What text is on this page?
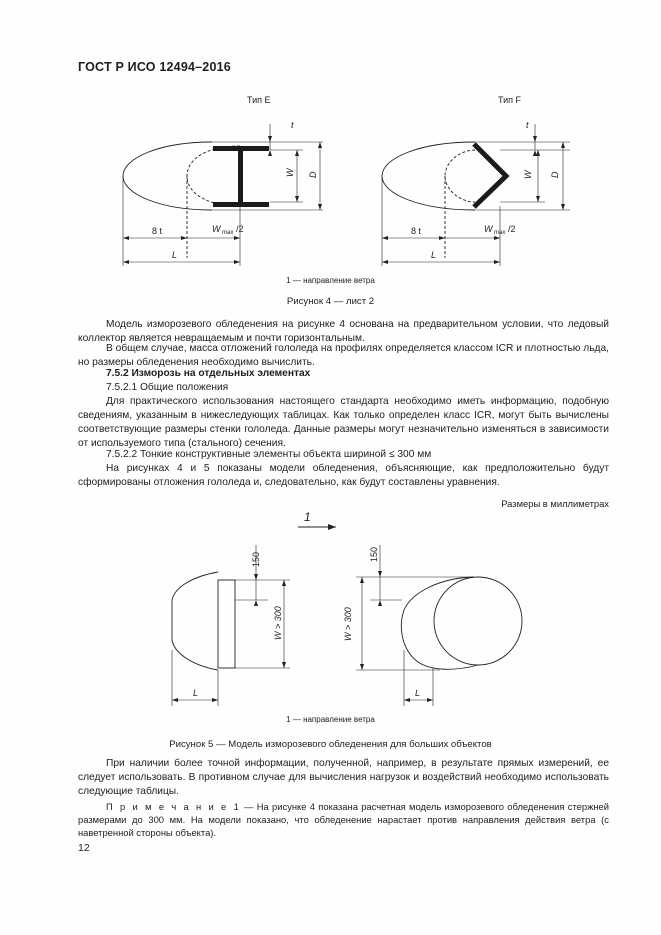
ГОСТ Р ИСО 12494–2016
Тип E
t
W D
8 t	W max /2
L
Тип F
t
W D
8 t	W max /2
L
1 — направление ветра
Рисунок 4 — лист 2
Модель изморозевого обледенения на рисунке 4 основана на предварительном условии, что ледовый коллектор является невращаемым и почти горизонтальным.
В общем случае, масса отложений гололеда на профилях определяется классом ICR и плотностью льда, но размеры обледенения необходимо вычислить.
7.5.2 Изморозь на отдельных элементах
7.5.2.1 Общие положения
Для практического использования настоящего стандарта необходимо иметь информацию, подобную сведениям, указанным в нижеследующих таблицах. Как только определен класс ICR, могут быть вычислены соответствующие размеры стенки гололеда. Данные размеры могут незначительно изменяться в зависимости от используемого типа (стального) сечения.
7.5.2.2 Тонкие конструктивные элементы объекта шириной ≤ 300 мм
На рисунках 4 и 5 показаны модели обледенения, объясняющие, как предположительно будут сформированы отложения гололеда и, следовательно, как будут составлены уравнения.
Размеры в миллиметрах
1
150
W > 300
L
150
W > 300
L
1 — направление ветра
Рисунок 5 — Модель изморозевого обледенения для больших объектов
При наличии более точной информации, полученной, например, в результате прямых измерений, ее следует использовать. В противном случае для вычисления нагрузок и воздействий необходимо использовать следующие таблицы.
П р и м е ч а н и е 1 — На рисунке 4 показана расчетная модель изморозевого обледенения стержней размерами до 300 мм. На модели показано, что обледенение нарастает против направления действия ветра (с наветренной стороны объекта).
12
